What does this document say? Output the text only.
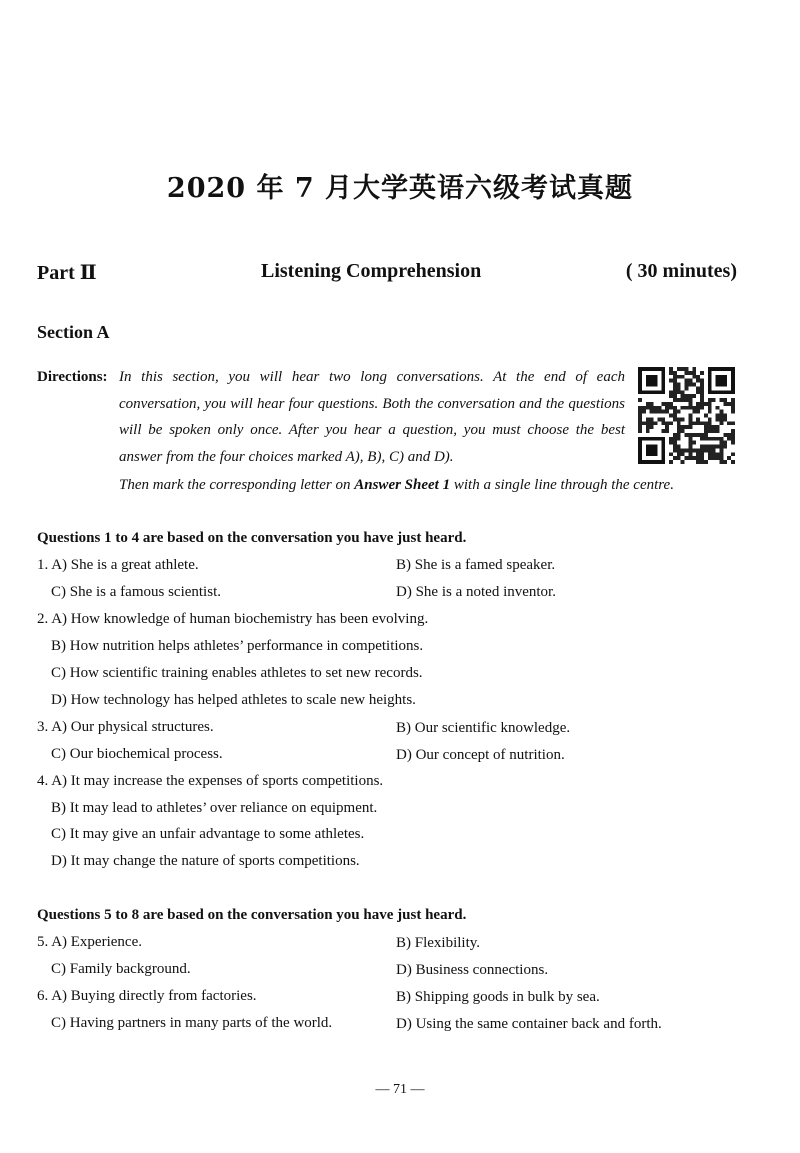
2020 年 7 月大学英语六级考试真题
Part Ⅱ	Listening Comprehension	( 30 minutes)
Section A
Directions: In this section, you will hear two long conversations. At the end of each conversation, you will hear four questions. Both the conversation and the questions will be spoken only once. After you hear a question, you must choose the best answer from the four choices marked A), B), C) and D).
Then mark the corresponding letter on Answer Sheet 1 with a single line through the centre.
Questions 1 to 4 are based on the conversation you have just heard.
1. A) She is a great athlete.	B) She is a famed speaker.
C) She is a famous scientist.	D) She is a noted inventor.
2. A) How knowledge of human biochemistry has been evolving.
B) How nutrition helps athletes’ performance in competitions.
C) How scientific training enables athletes to set new records.
D) How technology has helped athletes to scale new heights.
3. A) Our physical structures.	B) Our scientific knowledge.
C) Our biochemical process.	D) Our concept of nutrition.
4. A) It may increase the expenses of sports competitions.
B) It may lead to athletes’ over reliance on equipment.
C) It may give an unfair advantage to some athletes.
D) It may change the nature of sports competitions.
Questions 5 to 8 are based on the conversation you have just heard.
5. A) Experience.	B) Flexibility.
C) Family background.	D) Business connections.
6. A) Buying directly from factories.	B) Shipping goods in bulk by sea.
C) Having partners in many parts of the world.	D) Using the same container back and forth.
— 71 —
